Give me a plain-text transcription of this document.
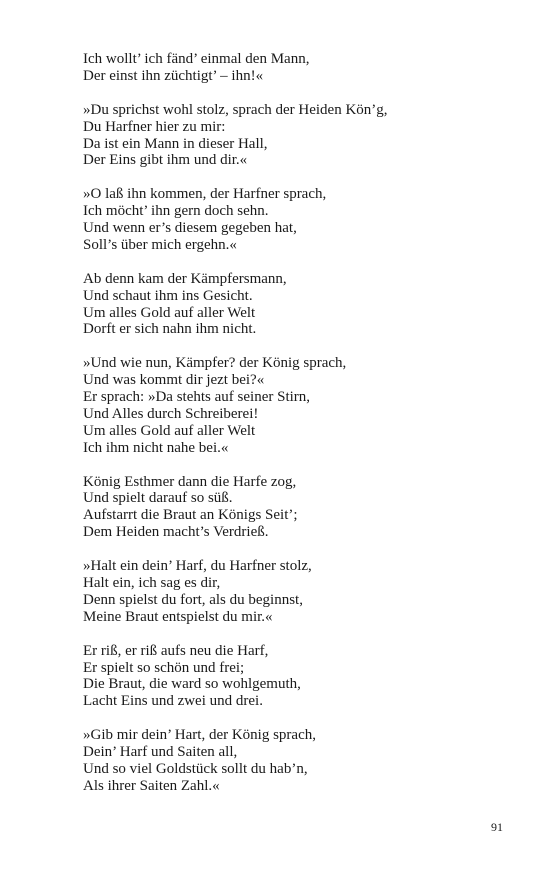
Ich wollt’ ich fänd’ einmal den Mann,
Der einst ihn züchtigt’ – ihn!«
»Du sprichst wohl stolz, sprach der Heiden Kön’g,
Du Harfner hier zu mir:
Da ist ein Mann in dieser Hall,
Der Eins gibt ihm und dir.«
»O laß ihn kommen, der Harfner sprach,
Ich möcht’ ihn gern doch sehn.
Und wenn er’s diesem gegeben hat,
Soll’s über mich ergehn.«
Ab denn kam der Kämpfersmann,
Und schaut ihm ins Gesicht.
Um alles Gold auf aller Welt
Dorft er sich nahn ihm nicht.
»Und wie nun, Kämpfer? der König sprach,
Und was kommt dir jezt bei?«
Er sprach: »Da stehts auf seiner Stirn,
Und Alles durch Schreiberei!
Um alles Gold auf aller Welt
Ich ihm nicht nahe bei.«
König Esthmer dann die Harfe zog,
Und spielt darauf so süß.
Aufstarrt die Braut an Königs Seit’;
Dem Heiden macht’s Verdrieß.
»Halt ein dein’ Harf, du Harfner stolz,
Halt ein, ich sag es dir,
Denn spielst du fort, als du beginnst,
Meine Braut entspielst du mir.«
Er riß, er riß aufs neu die Harf,
Er spielt so schön und frei;
Die Braut, die ward so wohlgemuth,
Lacht Eins und zwei und drei.
»Gib mir dein’ Hart, der König sprach,
Dein’ Harf und Saiten all,
Und so viel Goldstück sollt du hab’n,
Als ihrer Saiten Zahl.«
91
